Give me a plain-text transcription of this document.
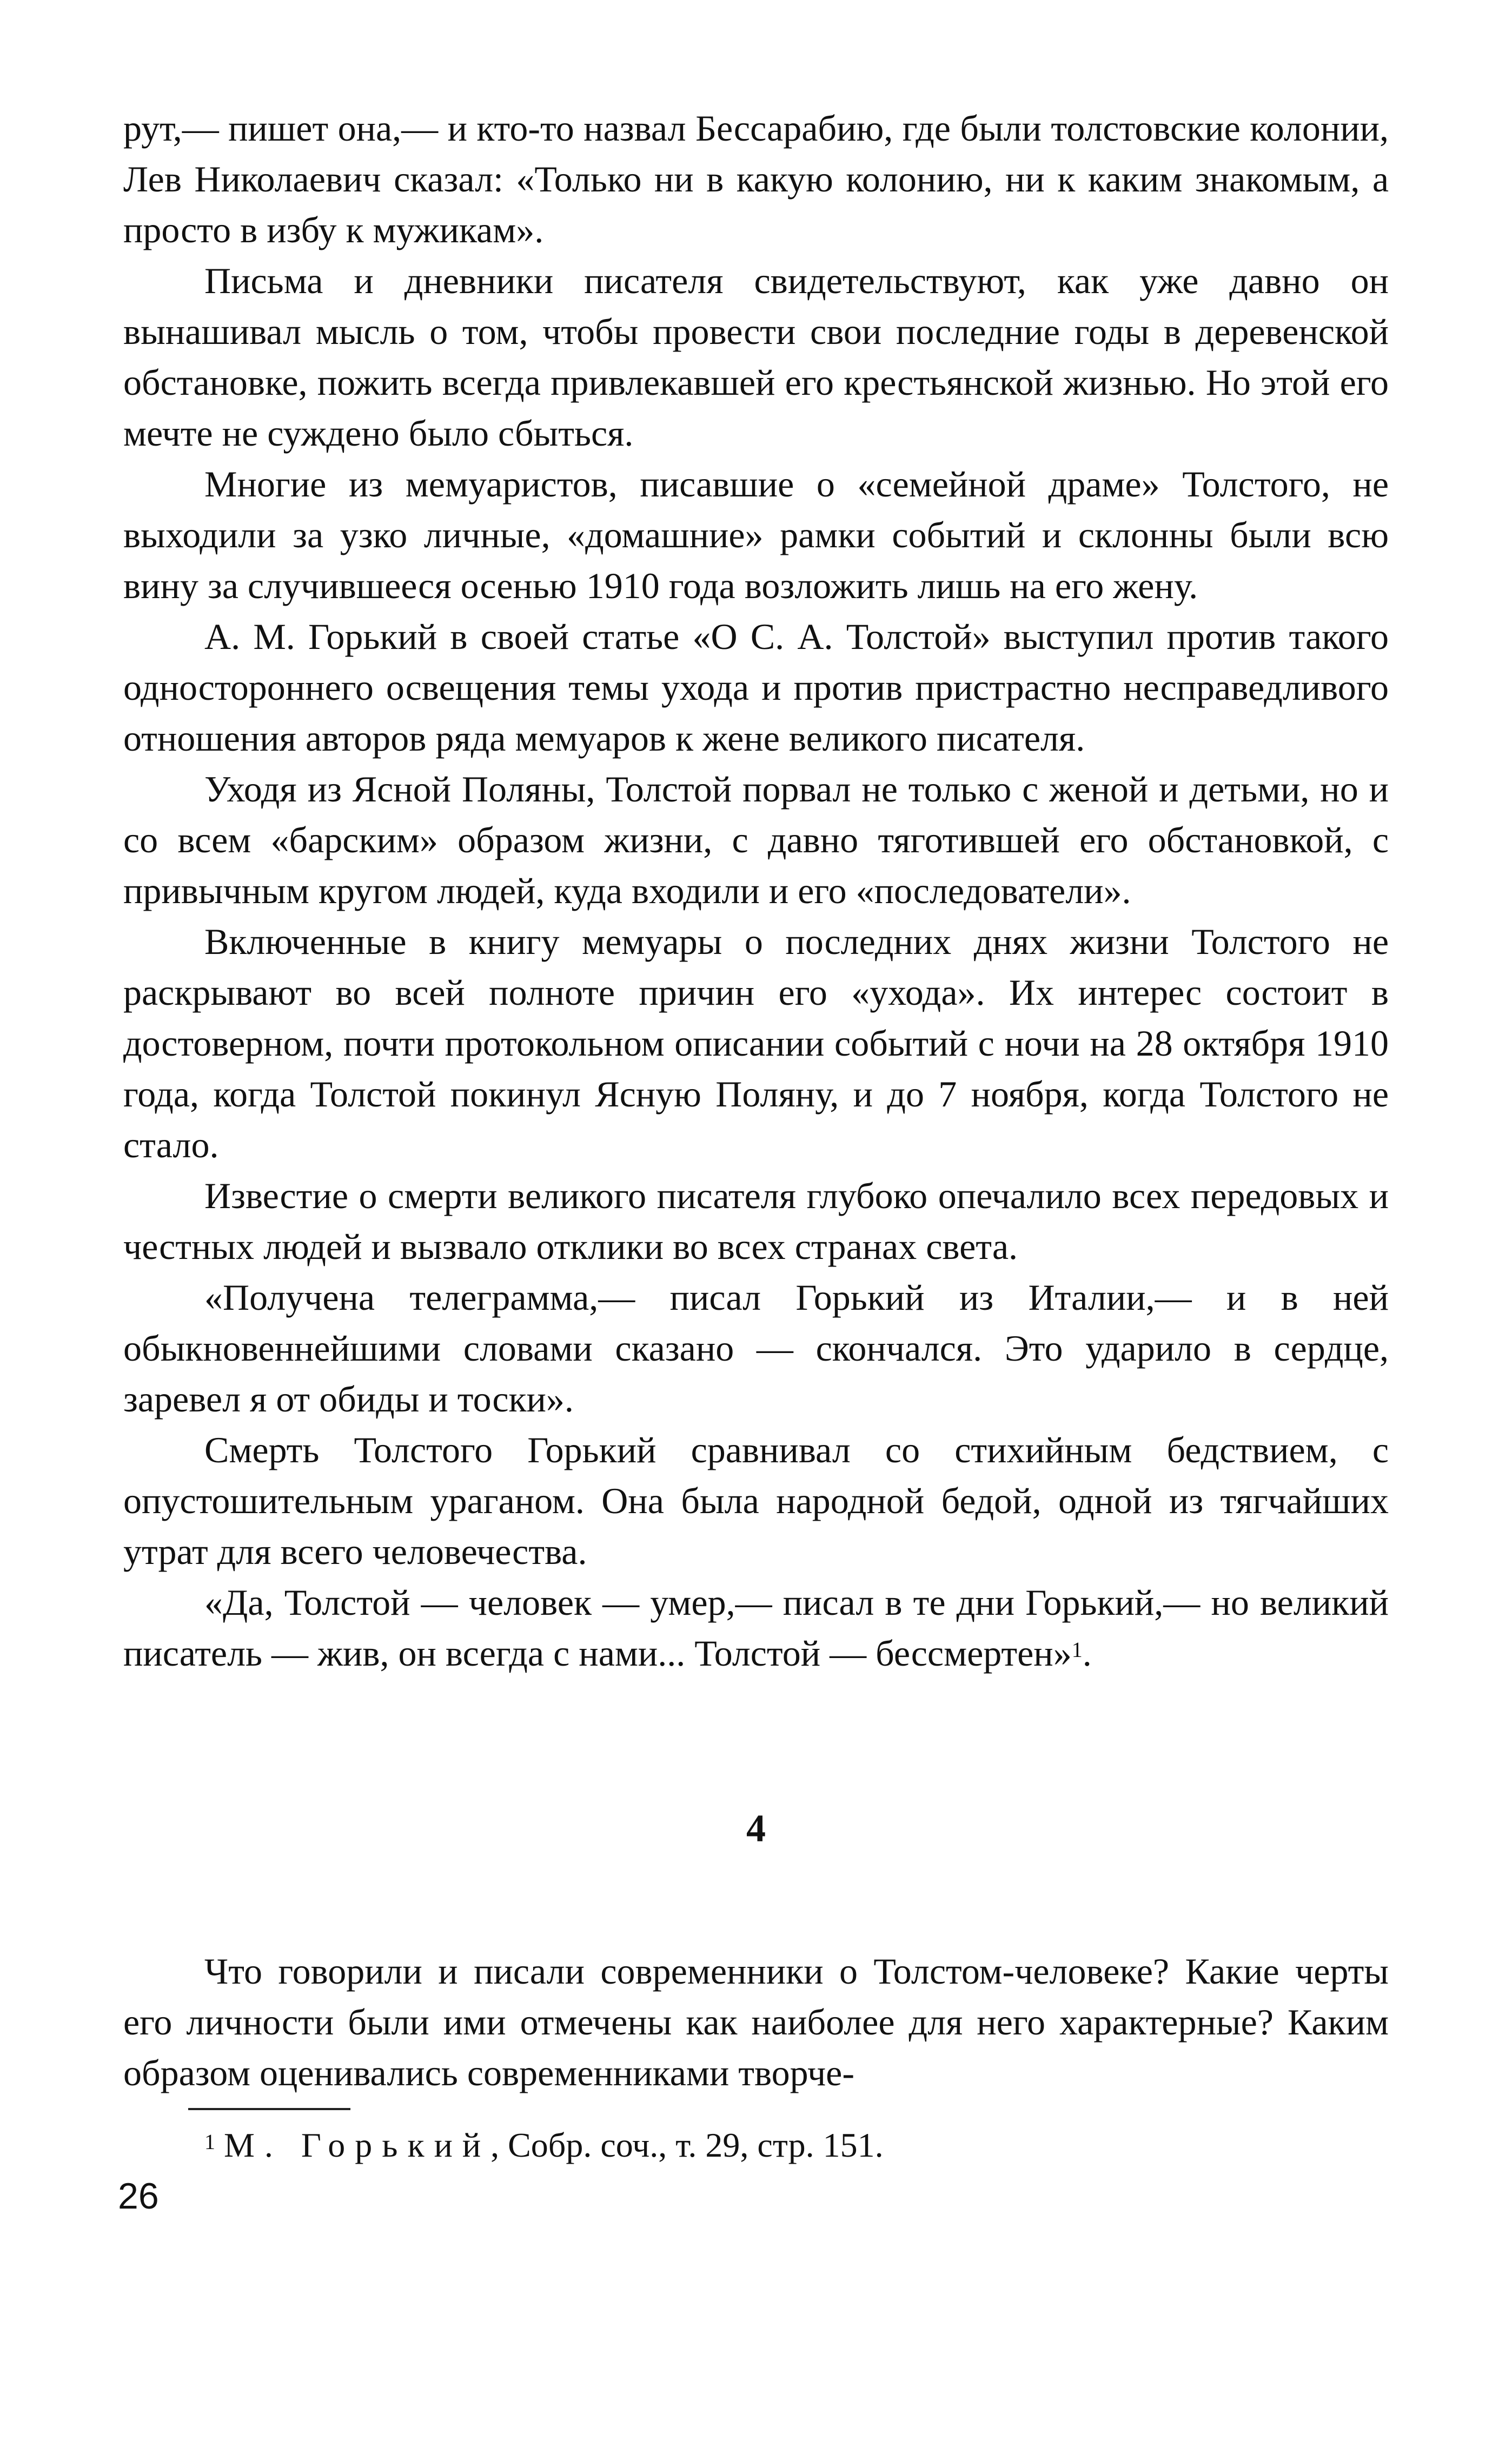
рут,— пишет она,— и кто-то назвал Бессарабию, где были толстовские колонии, Лев Николаевич сказал: «Только ни в какую колонию, ни к каким знакомым, а просто в избу к мужикам».

Письма и дневники писателя свидетельствуют, как уже давно он вынашивал мысль о том, чтобы провести свои последние годы в деревенской обстановке, пожить всегда привлекавшей его крестьянской жизнью. Но этой его мечте не суждено было сбыться.

Многие из мемуаристов, писавшие о «семейной драме» Толстого, не выходили за узко личные, «домашние» рамки событий и склонны были всю вину за случившееся осенью 1910 года возложить лишь на его жену.

А. М. Горький в своей статье «О С. А. Толстой» выступил против такого одностороннего освещения темы ухода и против пристрастно несправедливого отношения авторов ряда мемуаров к жене великого писателя.

Уходя из Ясной Поляны, Толстой порвал не только с женой и детьми, но и со всем «барским» образом жизни, с давно тяготившей его обстановкой, с привычным кругом людей, куда входили и его «последователи».

Включенные в книгу мемуары о последних днях жизни Толстого не раскрывают во всей полноте причин его «ухода». Их интерес состоит в достоверном, почти протокольном описании событий с ночи на 28 октября 1910 года, когда Толстой покинул Ясную Поляну, и до 7 ноября, когда Толстого не стало.

Известие о смерти великого писателя глубоко опечалило всех передовых и честных людей и вызвало отклики во всех странах света.

«Получена телеграмма,— писал Горький из Италии,— и в ней обыкновеннейшими словами сказано — скончался. Это ударило в сердце, заревел я от обиды и тоски».

Смерть Толстого Горький сравнивал со стихийным бедствием, с опустошительным ураганом. Она была народной бедой, одной из тягчайших утрат для всего человечества.

«Да, Толстой — человек — умер,— писал в те дни Горький,— но великий писатель — жив, он всегда с нами... Толстой — бессмертен»$^1$.

4

Что говорили и писали современники о Толстом-человеке? Какие черты его личности были ими отмечены как наиболее для него характерные? Каким образом оценивались современниками творче-

$^1$ М. Горький, Собр. соч., т. 29, стр. 151.

26
